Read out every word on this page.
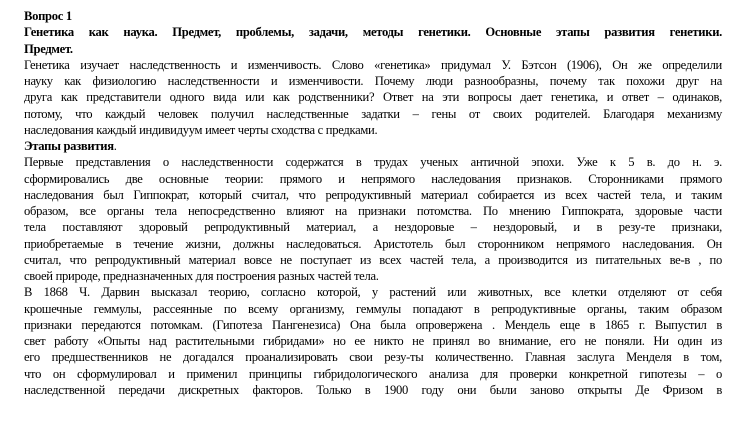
Вопрос 1
Генетика как наука. Предмет, проблемы, задачи, методы генетики. Основные этапы развития генетики.
Предмет.
Генетика изучает наследственность и изменчивость. Слово «генетика» придумал У. Бэтсон (1906), Он же определили
науку как физиологию наследственности и изменчивости. Почему люди разнообразны, почему так похожи друг на
друга как представители одного вида или как родственники? Ответ на эти вопросы дает генетика, и ответ – одинаков,
потому, что каждый человек получил наследственные задатки – гены от своих родителей. Благодаря механизму
наследования каждый индивидуум имеет черты сходства с предками.
Этапы развития.
Первые представления о наследственности содержатся в трудах ученых античной эпохи. Уже к 5 в. до н. э.
сформировались две основные теории: прямого и непрямого наследования признаков. Сторонниками прямого
наследования был Гиппократ, который считал, что репродуктивный материал собирается из всех частей тела, и таким
образом, все органы тела непосредственно влияют на признаки потомства. По мнению Гиппократа, здоровые части
тела поставляют здоровый репродуктивный материал, а нездоровые – нездоровый, и в резу-те признаки,
приобретаемые в течение жизни, должны наследоваться. Аристотель был сторонником непрямого наследования. Он
считал, что репродуктивный материал вовсе не поступает из всех частей тела, а производится из питательных ве-в , по
своей природе, предназначенных для построения разных частей тела.
В 1868 Ч. Дарвин высказал теорию, согласно которой, у растений или животных, все клетки отделяют от себя
крошечные геммулы, рассеянные по всему организму, геммулы попадают в репродуктивные органы, таким образом
признаки передаются потомкам. (Гипотеза Пангенезиса) Она была опровержена . Мендель еще в 1865 г. Выпустил в
свет работу «Опыты над растительными гибридами» но ее никто не принял во внимание, его не поняли. Ни один из
его предшественников не догадался проанализировать свои резу-ты количественно. Главная заслуга Менделя в том,
что он сформулировал и применил принципы гибридологического анализа для проверки конкретной гипотезы – о
наследственной передачи дискретных факторов. Только в 1900 году они были заново открыты Де Фризом в
